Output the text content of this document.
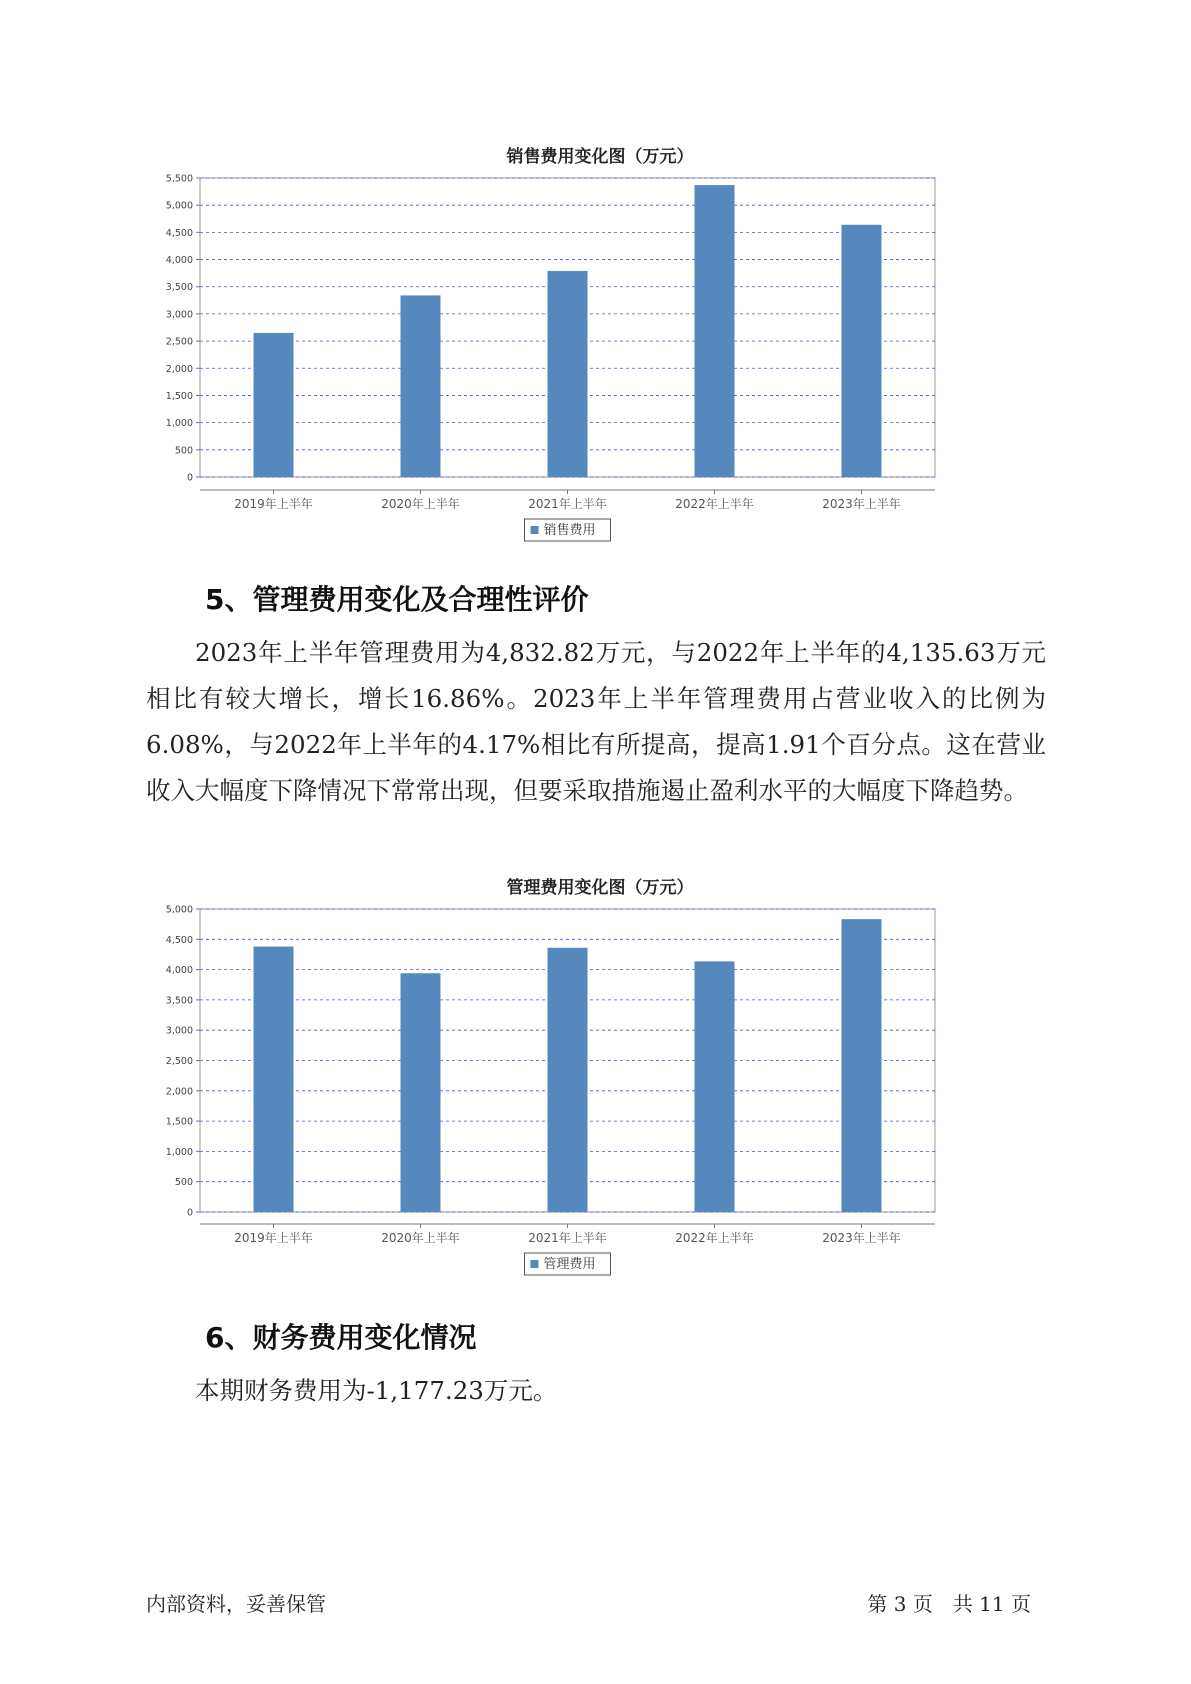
销售费用变化图（万元）

0
500
1,000
1,500
2,000
2,500
3,000
3,500
4,000
4,500
5,000
5,500
2019年上半年	2020年上半年	2021年上半年	2022年上半年	2023年上半年
销售费用
5、管理费用变化及合理性评价

2023年上半年管理费用为4,832.82万元，与2022年上半年的4,135.63万元相比有较大增长，增长16.86%。2023年上半年管理费用占营业收入的比例为6.08%，与2022年上半年的4.17%相比有所提高，提高1.91个百分点。这在营业收入大幅度下降情况下常常出现，但要采取措施遏止盈利水平的大幅度下降趋势。

管理费用变化图（万元）

0
500
1,000
1,500
2,000
2,500
3,000
3,500
4,000
4,500
5,000
2019年上半年	2020年上半年	2021年上半年	2022年上半年	2023年上半年
管理费用
6、财务费用变化情况

本期财务费用为-1,177.23万元。

内部资料，妥善保管	第 3 页　共 11 页
